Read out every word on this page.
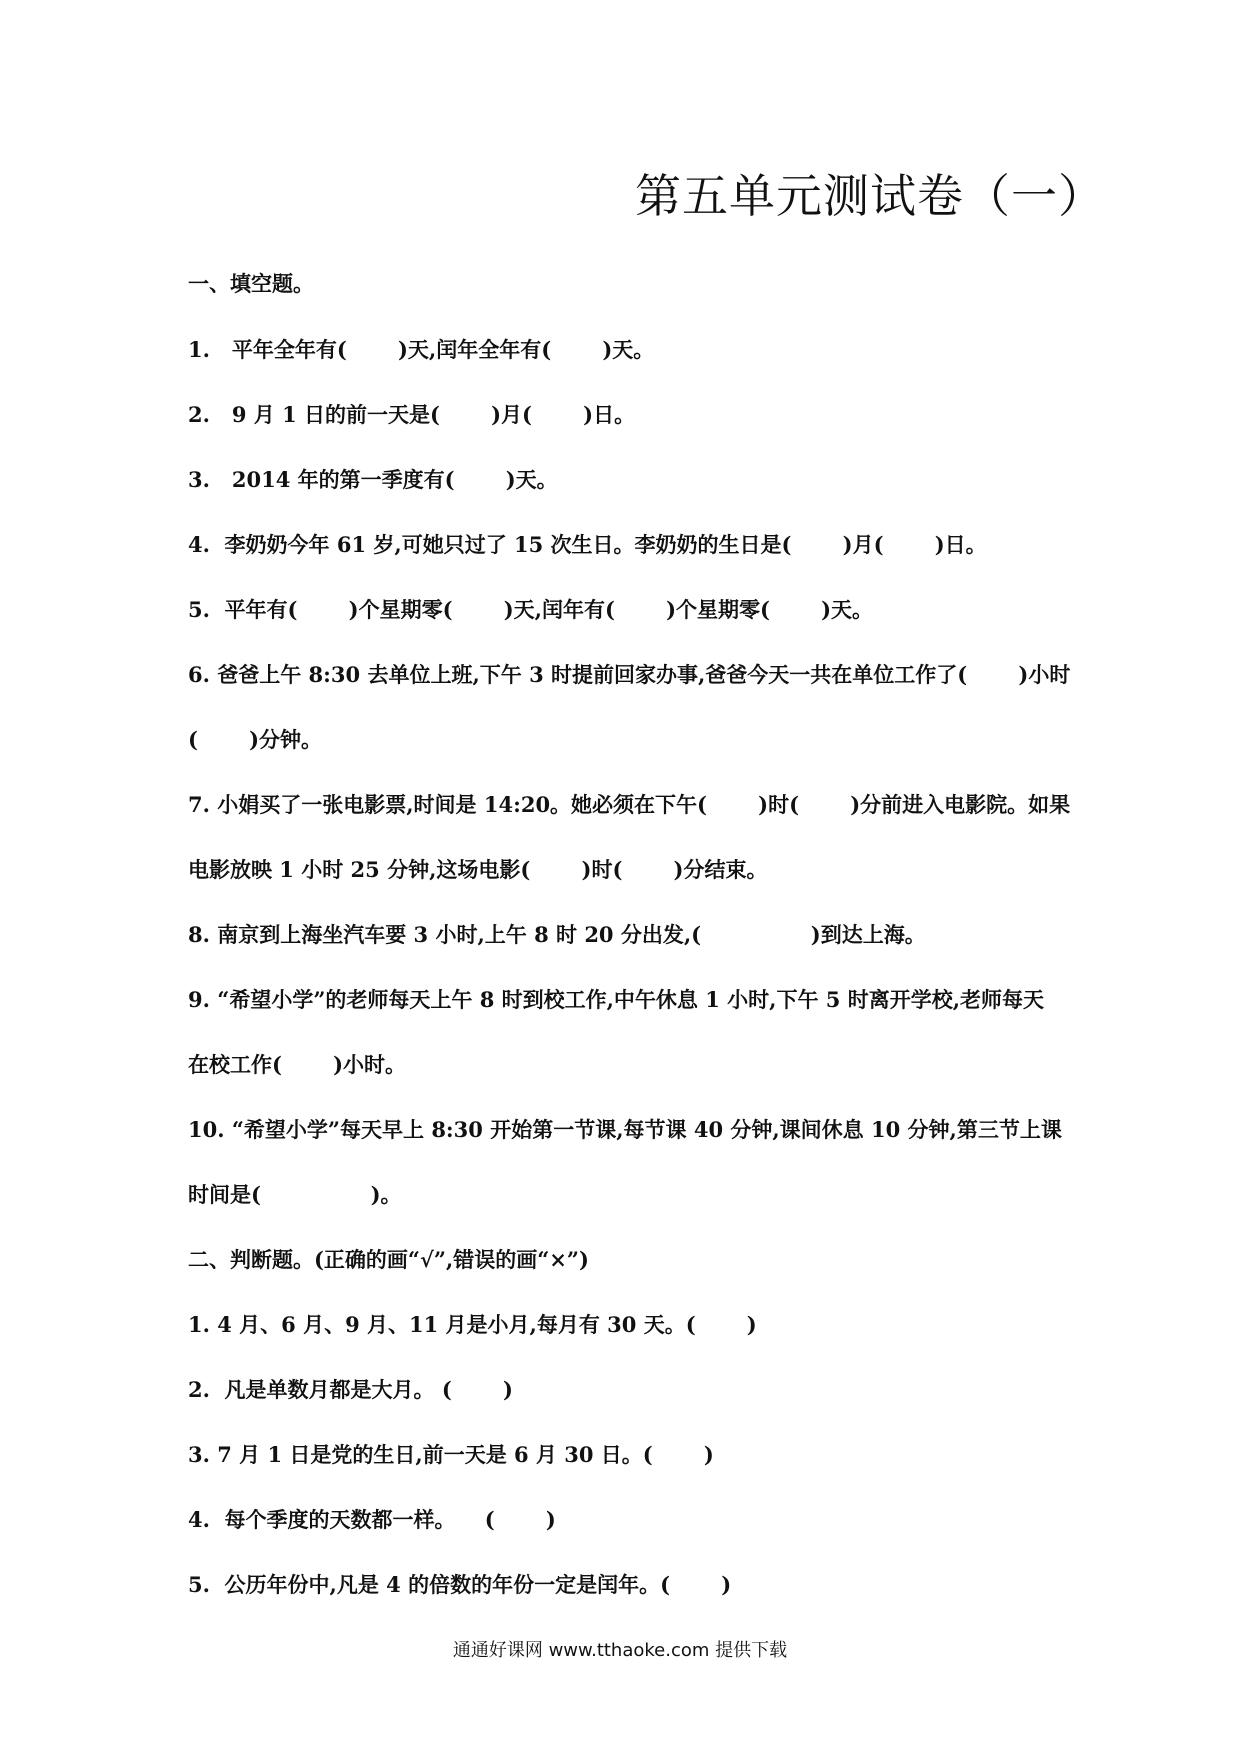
第五单元测试卷（一）
一、填空题。
1.   平年全年有(       )天,闰年全年有(       )天。
2.   9 月 1 日的前一天是(       )月(       )日。
3.   2014 年的第一季度有(       )天。
4.  李奶奶今年 61 岁,可她只过了 15 次生日。李奶奶的生日是(       )月(       )日。
5.  平年有(       )个星期零(       )天,闰年有(       )个星期零(       )天。
6. 爸爸上午 8:30 去单位上班,下午 3 时提前回家办事,爸爸今天一共在单位工作了(       )小时
(       )分钟。
7. 小娟买了一张电影票,时间是 14:20。她必须在下午(       )时(       )分前进入电影院。如果
电影放映 1 小时 25 分钟,这场电影(       )时(       )分结束。
8. 南京到上海坐汽车要 3 小时,上午 8 时 20 分出发,(               )到达上海。
9. “希望小学”的老师每天上午 8 时到校工作,中午休息 1 小时,下午 5 时离开学校,老师每天
在校工作(       )小时。
10. “希望小学”每天早上 8:30 开始第一节课,每节课 40 分钟,课间休息 10 分钟,第三节上课
时间是(               )。
二、判断题。(正确的画“√”,错误的画“×”)
1. 4 月、6 月、9 月、11 月是小月,每月有 30 天。(       )
2.  凡是单数月都是大月。 (       )
3. 7 月 1 日是党的生日,前一天是 6 月 30 日。(       )
4.  每个季度的天数都一样。    (       )
5.  公历年份中,凡是 4 的倍数的年份一定是闰年。(       )
通通好课网 www.tthaoke.com 提供下载
